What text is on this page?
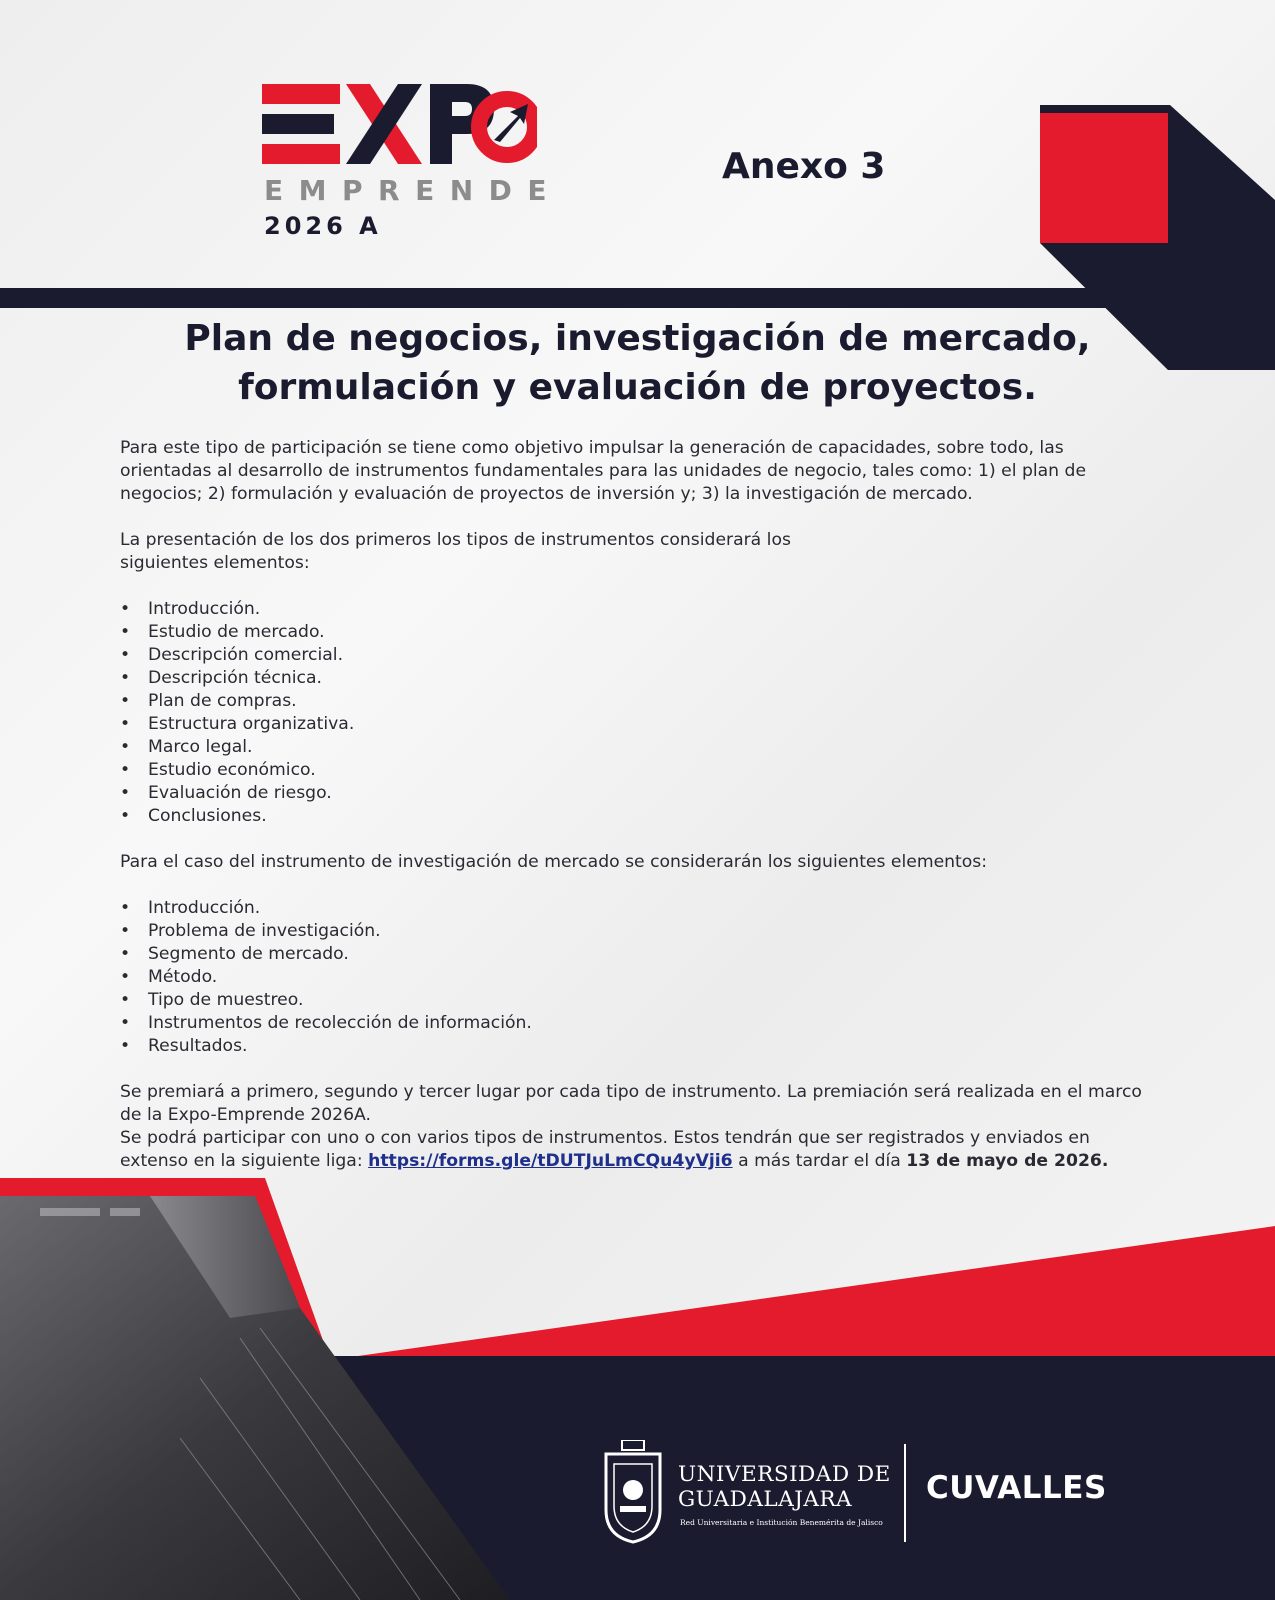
EMPRENDE

2026 A

Anexo 3
Plan de negocios, investigación de mercado, formulación y evaluación de proyectos.

Para este tipo de participación se tiene como objetivo impulsar la generación de capacidades, sobre todo, las orientadas al desarrollo de instrumentos fundamentales para las unidades de negocio, tales como: 1) el plan de negocios; 2) formulación y evaluación de proyectos de inversión y; 3) la investigación de mercado.

La presentación de los dos primeros los tipos de instrumentos considerará los siguientes elementos:

• Introducción.
• Estudio de mercado.
• Descripción comercial.
• Descripción técnica.
• Plan de compras.
• Estructura organizativa.
• Marco legal.
• Estudio económico.
• Evaluación de riesgo.
• Conclusiones.

Para el caso del instrumento de investigación de mercado se considerarán los siguientes elementos:

• Introducción.
• Problema de investigación.
• Segmento de mercado.
• Método.
• Tipo de muestreo.
• Instrumentos de recolección de información.
• Resultados.

Se premiará a primero, segundo y tercer lugar por cada tipo de instrumento. La premiación será realizada en el marco de la Expo-Emprende 2026A.

Se podrá participar con uno o con varios tipos de instrumentos. Estos tendrán que ser registrados y enviados en extenso en la siguiente liga: https://forms.gle/tDUTJuLmCQu4yVji6 a más tardar el día 13 de mayo de 2026.

UNIVERSIDAD DE
GUADALAJARA

Red Universitaria e Institución Benemérita de Jalisco

CUVALLES
